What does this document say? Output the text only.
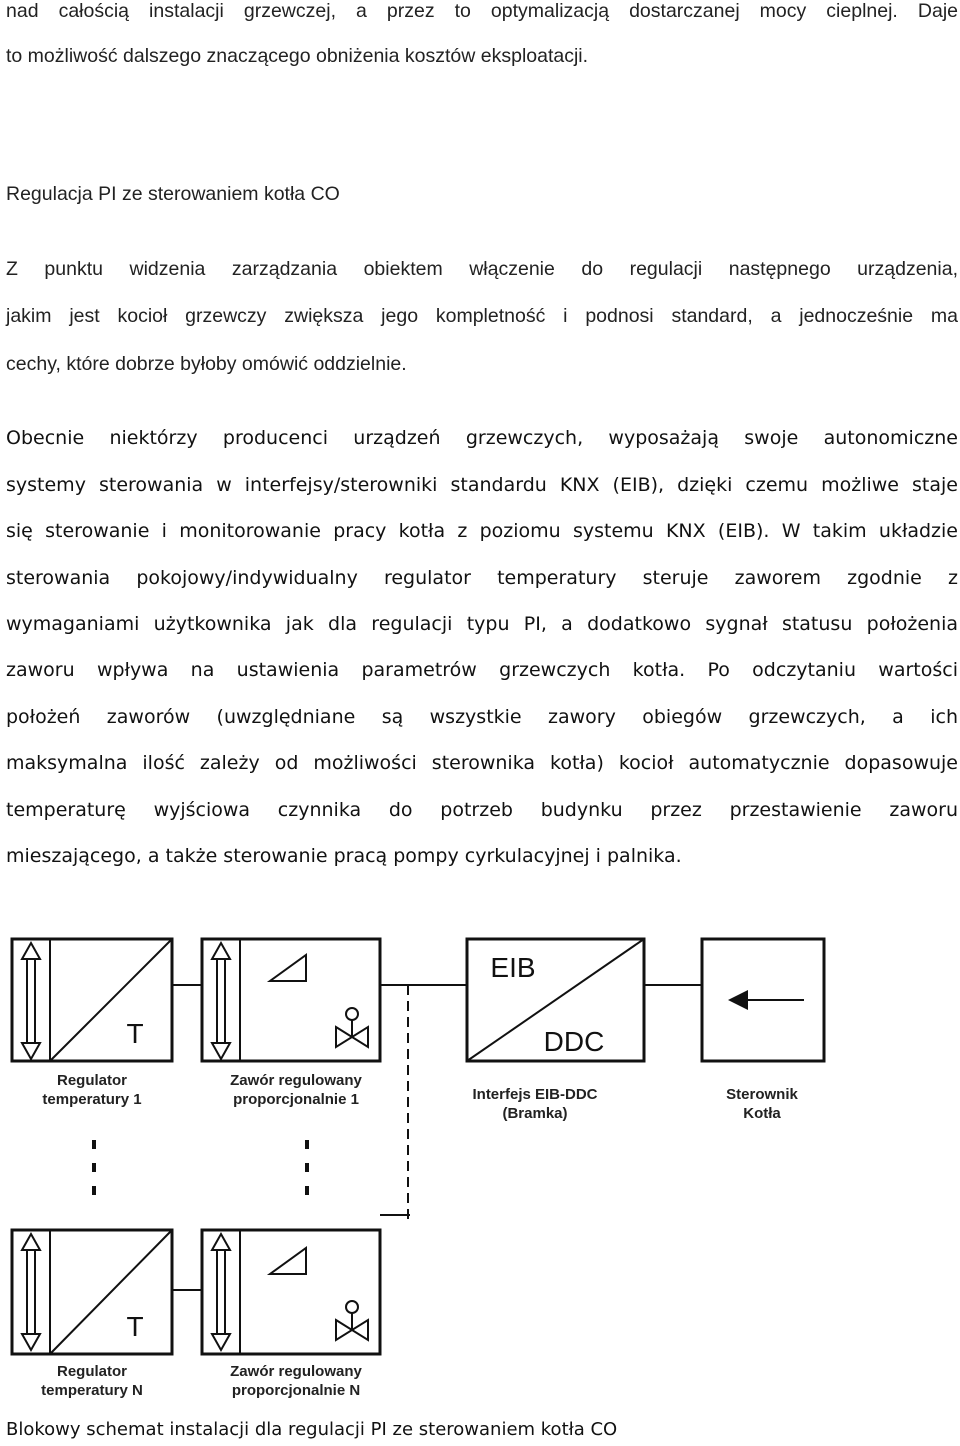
nad całością instalacji grzewczej, a przez to optymalizacją dostarczanej mocy cieplnej. Daje
to możliwość dalszego znaczącego obniżenia kosztów eksploatacji.
Regulacja PI ze sterowaniem kotła CO
Z punktu widzenia zarządzania obiektem włączenie do regulacji następnego urządzenia,
jakim jest kocioł grzewczy zwiększa jego kompletność i podnosi standard, a jednocześnie ma
cechy, które dobrze byłoby omówić oddzielnie.
Obecnie niektórzy producenci urządzeń grzewczych, wyposażają swoje autonomiczne
systemy sterowania w interfejsy/sterowniki standardu KNX (EIB), dzięki czemu możliwe staje
się sterowanie i monitorowanie pracy kotła z poziomu systemu KNX (EIB). W takim układzie
sterowania pokojowy/indywidualny regulator temperatury steruje zaworem zgodnie z
wymaganiami użytkownika jak dla regulacji typu PI, a dodatkowo sygnał statusu położenia
zaworu wpływa na ustawienia parametrów grzewczych kotła. Po odczytaniu wartości
położeń zaworów (uwzględniane są wszystkie zawory obiegów grzewczych, a ich
maksymalna ilość zależy od możliwości sterownika kotła) kocioł automatycznie dopasowuje
temperaturę wyjściowa czynnika do potrzeb budynku przez przestawienie zaworu
mieszającego, a także sterowanie pracą pompy cyrkulacyjnej i palnika.
T
Regulator
temperatury 1
Zawór regulowany
proporcjonalnie 1
EIB
DDC
Interfejs EIB-DDC
(Bramka)
Sterownik
Kotła
T
Regulator
temperatury N
Zawór regulowany
proporcjonalnie N
Blokowy schemat instalacji dla regulacji PI ze sterowaniem kotła CO
